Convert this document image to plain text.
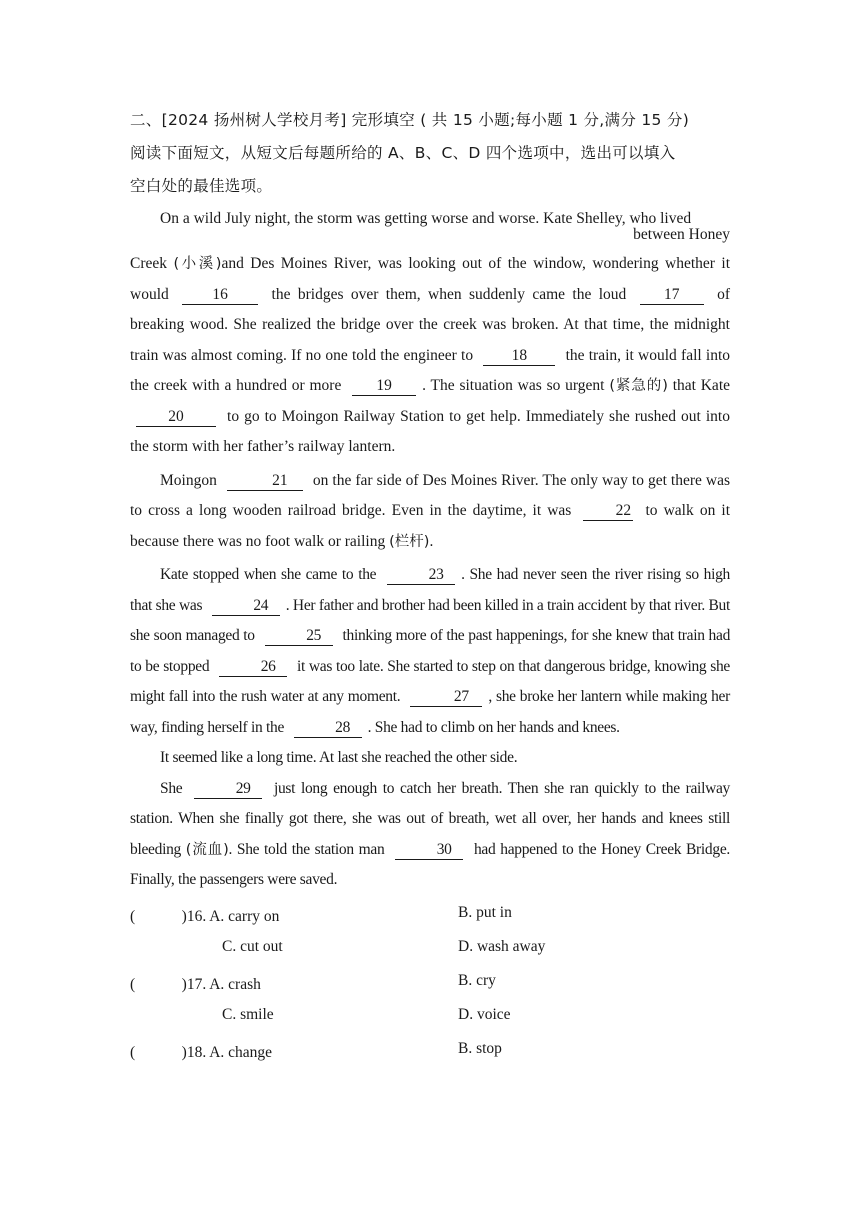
二、[2024 扬州树人学校月考] 完形填空 ( 共 15 小题;每小题 1 分,满分 15 分)
阅读下面短文，从短文后每题所给的 A、B、C、D 四个选项中，选出可以填入
空白处的最佳选项。

On a wild July night, the storm was getting worse and worse. Kate Shelley, who lived

between Honey

Creek (小溪)and Des Moines River, was looking out of the window, wondering whether it would	16	the bridges over them, when suddenly came the loud 17 of breaking wood. She realized the bridge over the creek was broken. At that time, the midnight train was almost coming. If no one told the engineer to 18 the train, it would fall into the creek with a hundred or more 19 . The situation was so urgent (紧急的) that Kate 20	to go to Moingon Railway Station to get help. Immediately she rushed out into the storm with her father’s railway lantern.

Moingon	21 on the far side of Des Moines River. The only way to get there was to cross a long wooden railroad bridge. Even in the daytime, it was	22 to walk on it because there was no foot walk or railing (栏杆).

Kate stopped when she came to the	23 . She had never seen the river rising so high that she was	24 . Her father and brother had been killed in a train accident by that river. But she soon managed to	25 thinking more of the past happenings, for she knew that train had to be stopped	26 it was too late. She started to step on that dangerous bridge, knowing she might fall into the rush water at any moment.	27 , she broke her lantern while making her way, finding herself in the	28 . She had to climb on her hands and knees.

It seemed like a long time. At last she reached the other side.

She	29 just long enough to catch her breath. Then she ran quickly to the railway station. When she finally got there, she was out of breath, wet all over, her hands and knees still bleeding (流血). She told the station man	30 had happened to the Honey Creek Bridge. Finally, the passengers were saved.

(　　　)16. A. carry on	B. put in
C. cut out	D. wash away
(　　　)17. A. crash	B. cry
C. smile	D. voice
(　　　)18. A. change	B. stop
